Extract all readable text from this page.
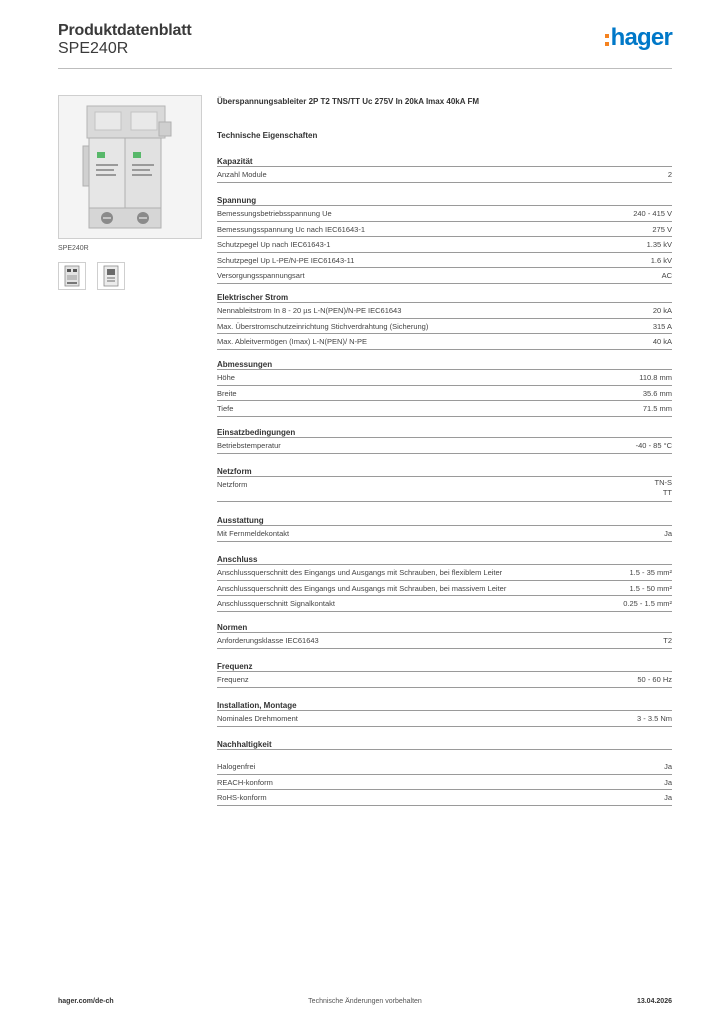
Produktdatenblatt
SPE240R	hager
SPE240R
Überspannungsableiter 2P T2 TNS/TT Uc 275V In 20kA Imax 40kA FM
Technische Eigenschaften
Kapazität
Anzahl Module	2
Spannung
Bemessungsbetriebsspannung Ue	240 - 415 V
Bemessungsspannung Uc nach IEC61643-1	275 V
Schutzpegel Up nach IEC61643-1	1.35 kV
Schutzpegel Up L-PE/N-PE IEC61643-11	1.6 kV
Versorgungsspannungsart	AC
Elektrischer Strom
Nennableitstrom In 8 - 20 µs L-N(PEN)/N-PE IEC61643	20 kA
Max. Überstromschutzeinrichtung Stichverdrahtung (Sicherung)	315 A
Max. Ableitvermögen (Imax) L-N(PEN)/ N-PE	40 kA
Abmessungen
Höhe	110.8 mm
Breite	35.6 mm
Tiefe	71.5 mm
Einsatzbedingungen
Betriebstemperatur	-40 - 85 °C
Netzform
Netzform	TN-S
TT
Ausstattung
Mit Fernmeldekontakt	Ja
Anschluss
Anschlussquerschnitt des Eingangs und Ausgangs mit Schrauben, bei flexiblem Leiter	1.5 - 35 mm²
Anschlussquerschnitt des Eingangs und Ausgangs mit Schrauben, bei massivem Leiter	1.5 - 50 mm²
Anschlussquerschnitt Signalkontakt	0.25 - 1.5 mm²
Normen
Anforderungsklasse IEC61643	T2
Frequenz
Frequenz	50 - 60 Hz
Installation, Montage
Nominales Drehmoment	3 - 3.5 Nm
Nachhaltigkeit
Halogenfrei	Ja
REACH-konform	Ja
RoHS-konform	Ja
hager.com/de-ch	Technische Änderungen vorbehalten	13.04.2026
